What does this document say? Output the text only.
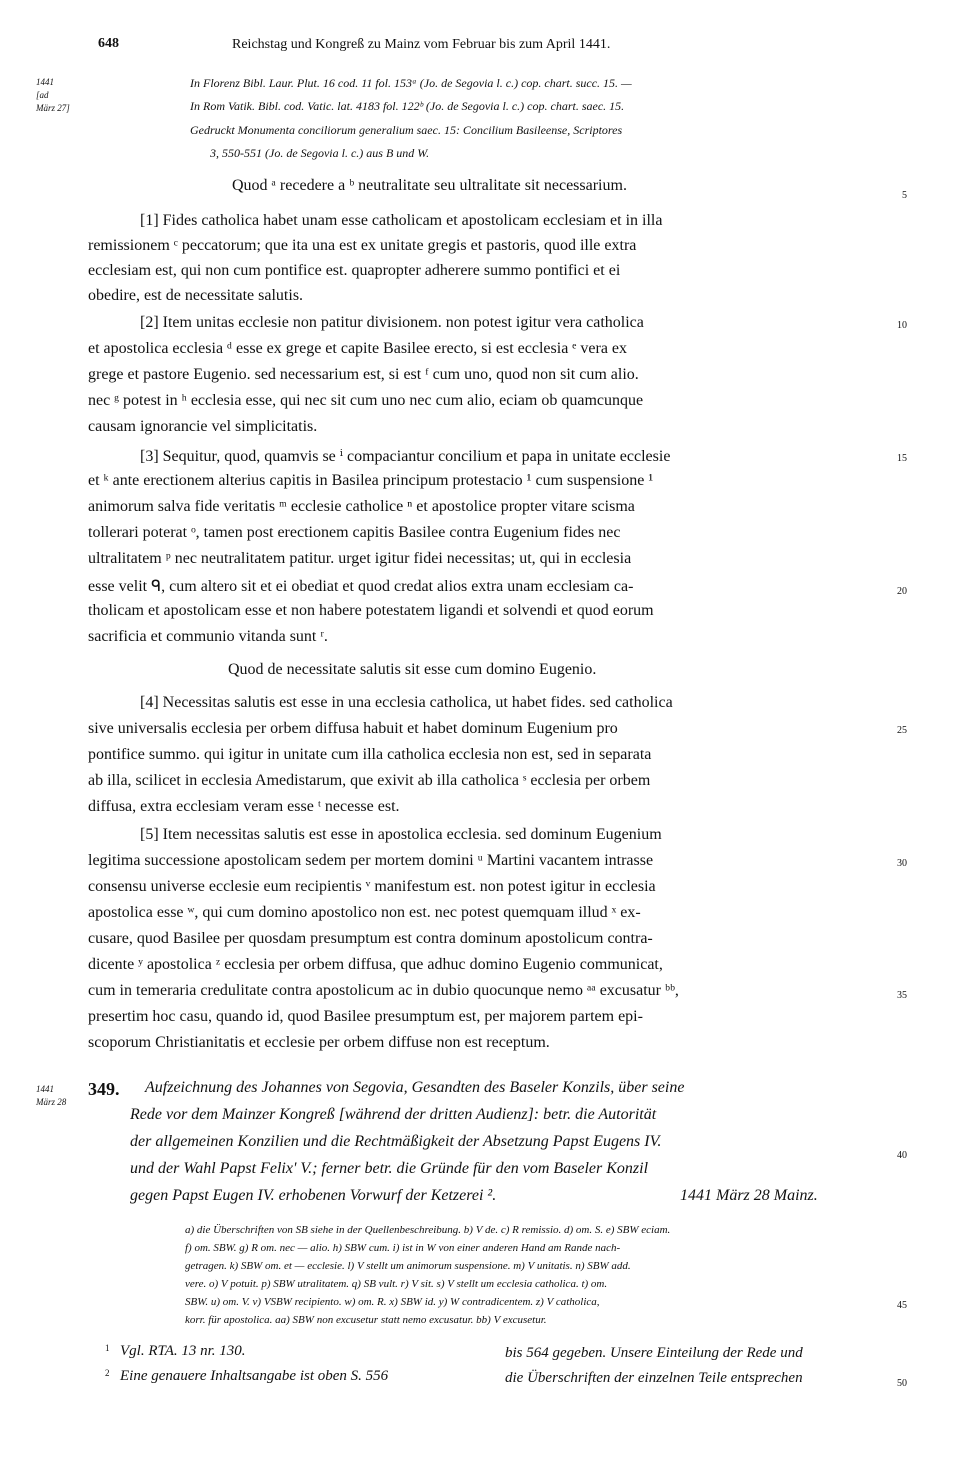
648	Reichstag und Kongreß zu Mainz vom Februar bis zum April 1441.
1441
[ad
März 27]
In Florenz Bibl. Laur. Plut. 16 cod. 11 fol. 153ᵃ (Jo. de Segovia l. c.) cop. chart. succ. 15. —
In Rom Vatik. Bibl. cod. Vatic. lat. 4183 fol. 122ᵇ (Jo. de Segovia l. c.) cop. chart. saec. 15.
Gedruckt Monumenta conciliorum generalium saec. 15: Concilium Basileense, Scriptores
3, 550-551 (Jo. de Segovia l. c.) aus B und W.
Quod ᵃ recedere a ᵇ neutralitate seu ultralitate sit necessarium.
[1] Fides catholica habet unam esse catholicam et apostolicam ecclesiam et in illa
remissionem ᶜ peccatorum; que ita una est ex unitate gregis et pastoris, quod ille extra
ecclesiam est, qui non cum pontifice est. quapropter adherere summo pontifici et ei
obedire, est de necessitate salutis.
[2] Item unitas ecclesie non patitur divisionem. non potest igitur vera catholica
et apostolica ecclesia ᵈ esse ex grege et capite Basilee erecto, si est ecclesia ᵉ vera ex
grege et pastore Eugenio. sed necessarium est, si est ᶠ cum uno, quod non sit cum alio.
nec ᵍ potest in ʰ ecclesia esse, qui nec sit cum uno nec cum alio, eciam ob quamcunque
causam ignorancie vel simplicitatis.
[3] Sequitur, quod, quamvis se ⁱ compaciantur concilium et papa in unitate ecclesie
et ᵏ ante erectionem alterius capitis in Basilea principum protestacio ¹ cum suspensione ¹
animorum salva fide veritatis ᵐ ecclesie catholice ⁿ et apostolice propter vitare scisma
tollerari poterat ᵒ, tamen post erectionem capitis Basilee contra Eugenium fides nec
ultralitatem ᵖ nec neutralitatem patitur. urget igitur fidei necessitas; ut, qui in ecclesia
esse velit ᑫ, cum altero sit et ei obediat et quod credat alios extra unam ecclesiam ca-
tholicam et apostolicam esse et non habere potestatem ligandi et solvendi et quod eorum
sacrificia et communio vitanda sunt ʳ.
Quod de necessitate salutis sit esse cum domino Eugenio.
[4] Necessitas salutis est esse in una ecclesia catholica, ut habet fides. sed catholica
sive universalis ecclesia per orbem diffusa habuit et habet dominum Eugenium pro
pontifice summo. qui igitur in unitate cum illa catholica ecclesia non est, sed in separata
ab illa, scilicet in ecclesia Amedistarum, que exivit ab illa catholica ˢ ecclesia per orbem
diffusa, extra ecclesiam veram esse ᵗ necesse est.
[5] Item necessitas salutis est esse in apostolica ecclesia. sed dominum Eugenium
legitima successione apostolicam sedem per mortem domini ᵘ Martini vacantem intrasse
consensu universe ecclesie eum recipientis ᵛ manifestum est. non potest igitur in ecclesia
apostolica esse ʷ, qui cum domino apostolico non est. nec potest quemquam illud ˣ ex-
cusare, quod Basilee per quosdam presumptum est contra dominum apostolicum contra-
dicente ʸ apostolica ᶻ ecclesia per orbem diffusa, que adhuc domino Eugenio communicat,
cum in temeraria credulitate contra apostolicum ac in dubio quocunque nemo ᵃᵃ excusatur ᵇᵇ,
presertim hoc casu, quando id, quod Basilee presumptum est, per majorem partem epi-
scoporum Christianitatis et ecclesie per orbem diffuse non est receptum.
5
10
15
20
25
30
35
40
45
50
1441
März 28
349. Aufzeichnung des Johannes von Segovia, Gesandten des Baseler Konzils, über seine
Rede vor dem Mainzer Kongreß [während der dritten Audienz]: betr. die Autorität
der allgemeinen Konzilien und die Rechtmäßigkeit der Absetzung Papst Eugens IV.
und der Wahl Papst Felix' V.; ferner betr. die Gründe für den vom Baseler Konzil
gegen Papst Eugen IV. erhobenen Vorwurf der Ketzerei ².	1441 März 28 Mainz.
a) die Überschriften von SB siehe in der Quellenbeschreibung. b) V de. c) R remissio. d) om. S. e) SBW eciam.
f) om. SBW. g) R om. nec — alio. h) SBW cum. i) ist in W von einer anderen Hand am Rande nach-
getragen. k) SBW om. et — ecclesie. l) V stellt um animorum suspensione. m) V unitatis. n) SBW add.
vere. o) V potuit. p) SBW utralitatem. q) SB vult. r) V sit. s) V stellt um ecclesia catholica. t) om.
SBW. u) om. V. v) VSBW recipiento. w) om. R. x) SBW id. y) W contradicentem. z) V catholica,
korr. für apostolica. aa) SBW non excusetur statt nemo excusatur. bb) V excusetur.
1 Vgl. RTA. 13 nr. 130.
2 Eine genauere Inhaltsangabe ist oben S. 556
bis 564 gegeben. Unsere Einteilung der Rede und
die Überschriften der einzelnen Teile entsprechen
